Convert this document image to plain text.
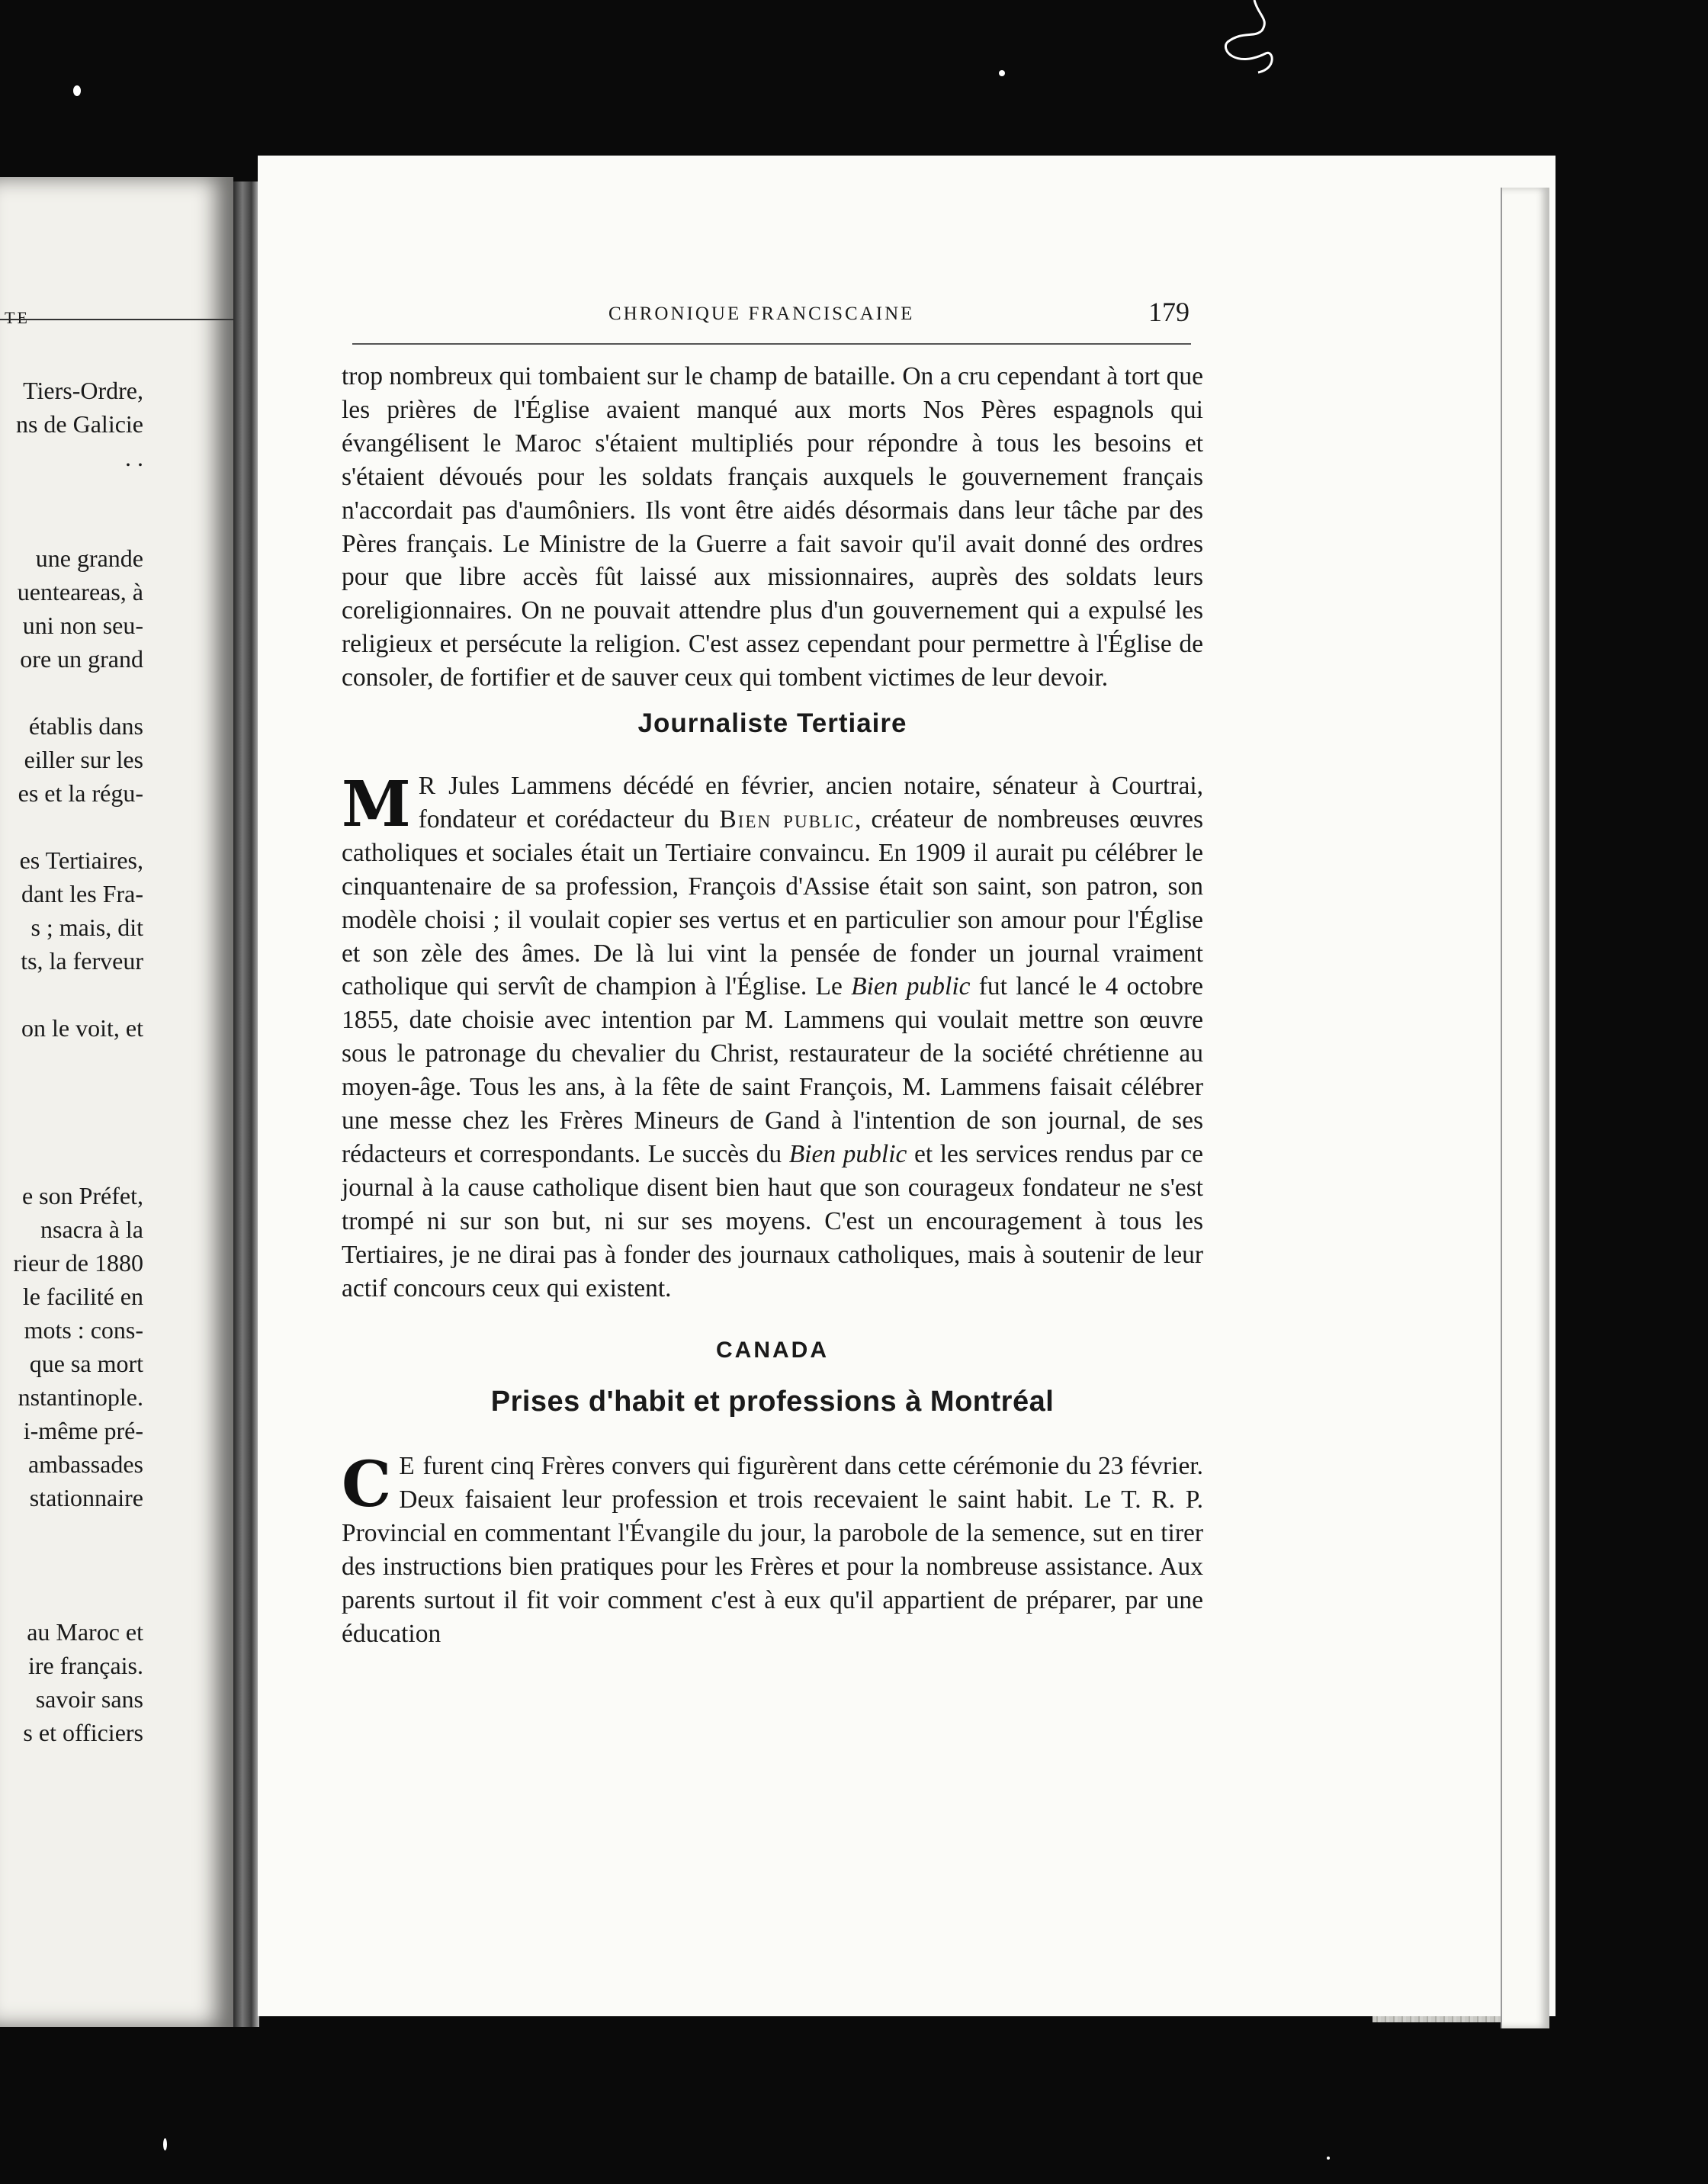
TE
Tiers-Ordre,
ns de Galicie
. .
une grande
uenteareas, à
uni non seu-
ore un grand
établis dans
eiller sur les
es et la régu-
es Tertiaires,
dant les Fra-
s ; mais, dit
ts, la ferveur
on le voit, et
e son Préfet,
nsacra à la
rieur de 1880
le facilité en
mots : cons-
que sa mort
nstantinople.
i-même pré-
ambassades
stationnaire
au Maroc et
ire français.
savoir sans
s et officiers
CHRONIQUE FRANCISCAINE	179

trop nombreux qui tombaient sur le champ de bataille. On a cru cependant à tort que les prières de l'Église avaient manqué aux morts Nos Pères espagnols qui évangélisent le Maroc s'étaient multipliés pour répondre à tous les besoins et s'étaient dévoués pour les soldats français auxquels le gouvernement français n'accordait pas d'aumôniers. Ils vont être aidés désormais dans leur tâche par des Pères français. Le Ministre de la Guerre a fait savoir qu'il avait donné des ordres pour que libre accès fût laissé aux missionnaires, auprès des soldats leurs coreligionnaires. On ne pouvait attendre plus d'un gouvernement qui a expulsé les religieux et persécute la religion. C'est assez cependant pour permettre à l'Église de consoler, de fortifier et de sauver ceux qui tombent victimes de leur devoir.

Journaliste Tertiaire

M R Jules Lammens décédé en février, ancien notaire, sénateur à Courtrai, fondateur et corédacteur du Bien public, créateur de nombreuses œuvres catholiques et sociales était un Tertiaire convaincu. En 1909 il aurait pu célébrer le cinquantenaire de sa profession, François d'Assise était son saint, son patron, son modèle choisi ; il voulait copier ses vertus et en particulier son amour pour l'Église et son zèle des âmes. De là lui vint la pensée de fonder un journal vraiment catholique qui servît de champion à l'Église. Le Bien public fut lancé le 4 octobre 1855, date choisie avec intention par M. Lammens qui voulait mettre son œuvre sous le patronage du chevalier du Christ, restaurateur de la société chrétienne au moyen-âge. Tous les ans, à la fête de saint François, M. Lammens faisait célébrer une messe chez les Frères Mineurs de Gand à l'intention de son journal, de ses rédacteurs et correspondants. Le succès du Bien public et les services rendus par ce journal à la cause catholique disent bien haut que son courageux fondateur ne s'est trompé ni sur son but, ni sur ses moyens. C'est un encouragement à tous les Tertiaires, je ne dirai pas à fonder des journaux catholiques, mais à soutenir de leur actif concours ceux qui existent.

CANADA
Prises d'habit et professions à Montréal

C E furent cinq Frères convers qui figurèrent dans cette cérémonie du 23 février. Deux faisaient leur profession et trois recevaient le saint habit. Le T. R. P. Provincial en commentant l'Évangile du jour, la parobole de la semence, sut en tirer des instructions bien pratiques pour les Frères et pour la nombreuse assistance. Aux parents surtout il fit voir comment c'est à eux qu'il appartient de préparer, par une éducation
